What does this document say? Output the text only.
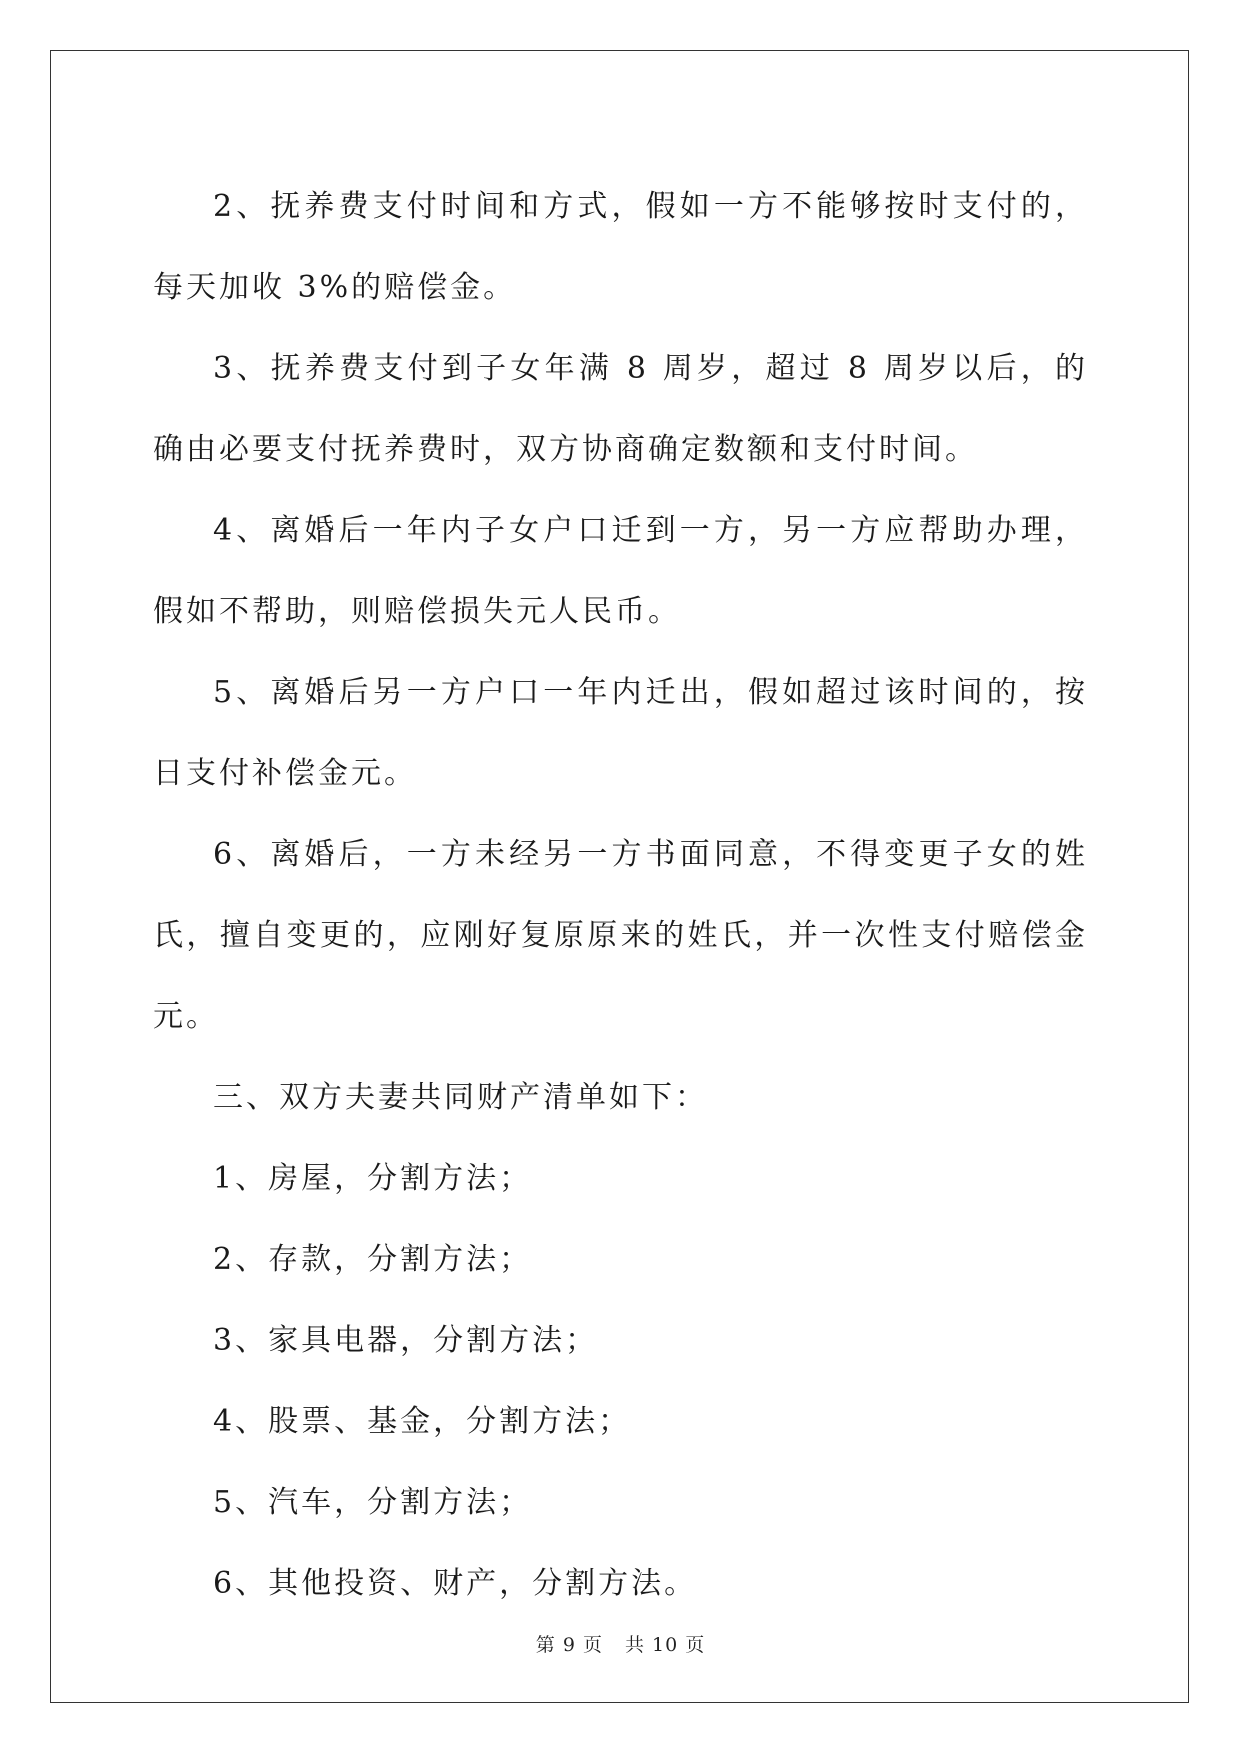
2、抚养费支付时间和方式，假如一方不能够按时支付的，每天加收 3%的赔偿金。

3、抚养费支付到子女年满 8 周岁，超过 8 周岁以后，的确由必要支付抚养费时，双方协商确定数额和支付时间。

4、离婚后一年内子女户口迁到一方，另一方应帮助办理，假如不帮助，则赔偿损失元人民币。

5、离婚后另一方户口一年内迁出，假如超过该时间的，按日支付补偿金元。

6、离婚后，一方未经另一方书面同意，不得变更子女的姓氏，擅自变更的，应刚好复原原来的姓氏，并一次性支付赔偿金元。

三、双方夫妻共同财产清单如下：

1、房屋，分割方法；

2、存款，分割方法；

3、家具电器，分割方法；

4、股票、基金，分割方法；

5、汽车，分割方法；

6、其他投资、财产，分割方法。

第 9 页 共 10 页
